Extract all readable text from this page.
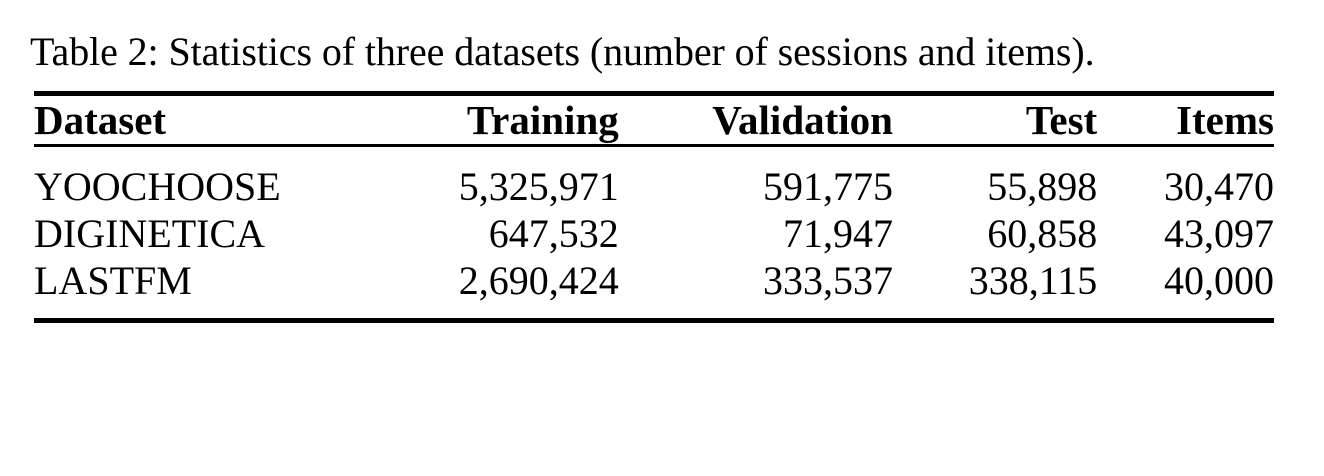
Table 2: Statistics of three datasets (number of sessions and items).
Dataset	Training	Validation	Test	Items
YOOCHOOSE	5,325,971	591,775	55,898	30,470
DIGINETICA	647,532	71,947	60,858	43,097
LASTFM	2,690,424	333,537	338,115	40,000
